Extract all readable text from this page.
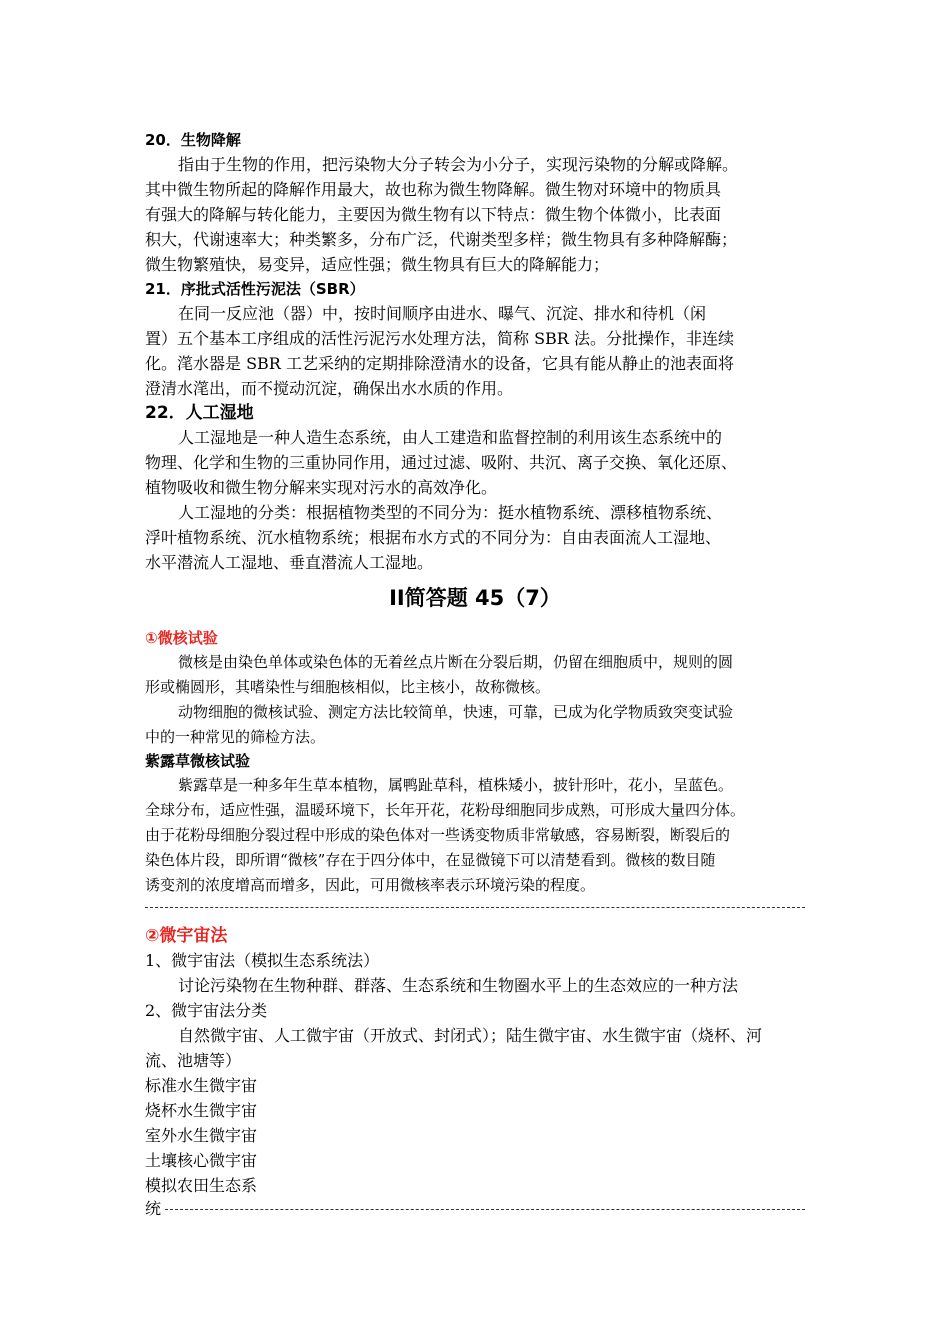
20．生物降解
指由于生物的作用，把污染物大分子转会为小分子，实现污染物的分解或降解。
其中微生物所起的降解作用最大，故也称为微生物降解。微生物对环境中的物质具
有强大的降解与转化能力，主要因为微生物有以下特点：微生物个体微小，比表面
积大，代谢速率大；种类繁多，分布广泛，代谢类型多样；微生物具有多种降解酶；
微生物繁殖快，易变异，适应性强；微生物具有巨大的降解能力；
21．序批式活性污泥法（SBR）
在同一反应池（器）中，按时间顺序由进水、曝气、沉淀、排水和待机（闲
置）五个基本工序组成的活性污泥污水处理方法，简称 SBR 法。分批操作，非连续
化。滗水器是 SBR 工艺采纳的定期排除澄清水的设备，它具有能从静止的池表面将
澄清水滗出，而不搅动沉淀，确保出水水质的作用。
22．人工湿地
人工湿地是一种人造生态系统，由人工建造和监督控制的利用该生态系统中的
物理、化学和生物的三重协同作用，通过过滤、吸附、共沉、离子交换、氧化还原、
植物吸收和微生物分解来实现对污水的高效净化。
人工湿地的分类：根据植物类型的不同分为：挺水植物系统、漂移植物系统、
浮叶植物系统、沉水植物系统；根据布水方式的不同分为：自由表面流人工湿地、
水平潜流人工湿地、垂直潜流人工湿地。
II简答题 45（7）
①微核试验
微核是由染色单体或染色体的无着丝点片断在分裂后期，仍留在细胞质中，规则的圆
形或椭圆形，其嗜染性与细胞核相似，比主核小，故称微核。
动物细胞的微核试验、测定方法比较简单，快速，可靠，已成为化学物质致突变试验
中的一种常见的筛检方法。
紫露草微核试验
紫露草是一种多年生草本植物，属鸭趾草科，植株矮小，披针形叶，花小，呈蓝色。
全球分布，适应性强，温暖环境下，长年开花，花粉母细胞同步成熟，可形成大量四分体。
由于花粉母细胞分裂过程中形成的染色体对一些诱变物质非常敏感，容易断裂，断裂后的
染色体片段，即所谓“微核”存在于四分体中，在显微镜下可以清楚看到。微核的数目随
诱变剂的浓度增高而增多，因此，可用微核率表示环境污染的程度。
②微宇宙法
1、微宇宙法（模拟生态系统法）
讨论污染物在生物种群、群落、生态系统和生物圈水平上的生态效应的一种方法
2、微宇宙法分类
自然微宇宙、人工微宇宙（开放式、封闭式）；陆生微宇宙、水生微宇宙（烧杯、河
流、池塘等）
标准水生微宇宙
烧杯水生微宇宙
室外水生微宇宙
土壤核心微宇宙
模拟农田生态系
统
